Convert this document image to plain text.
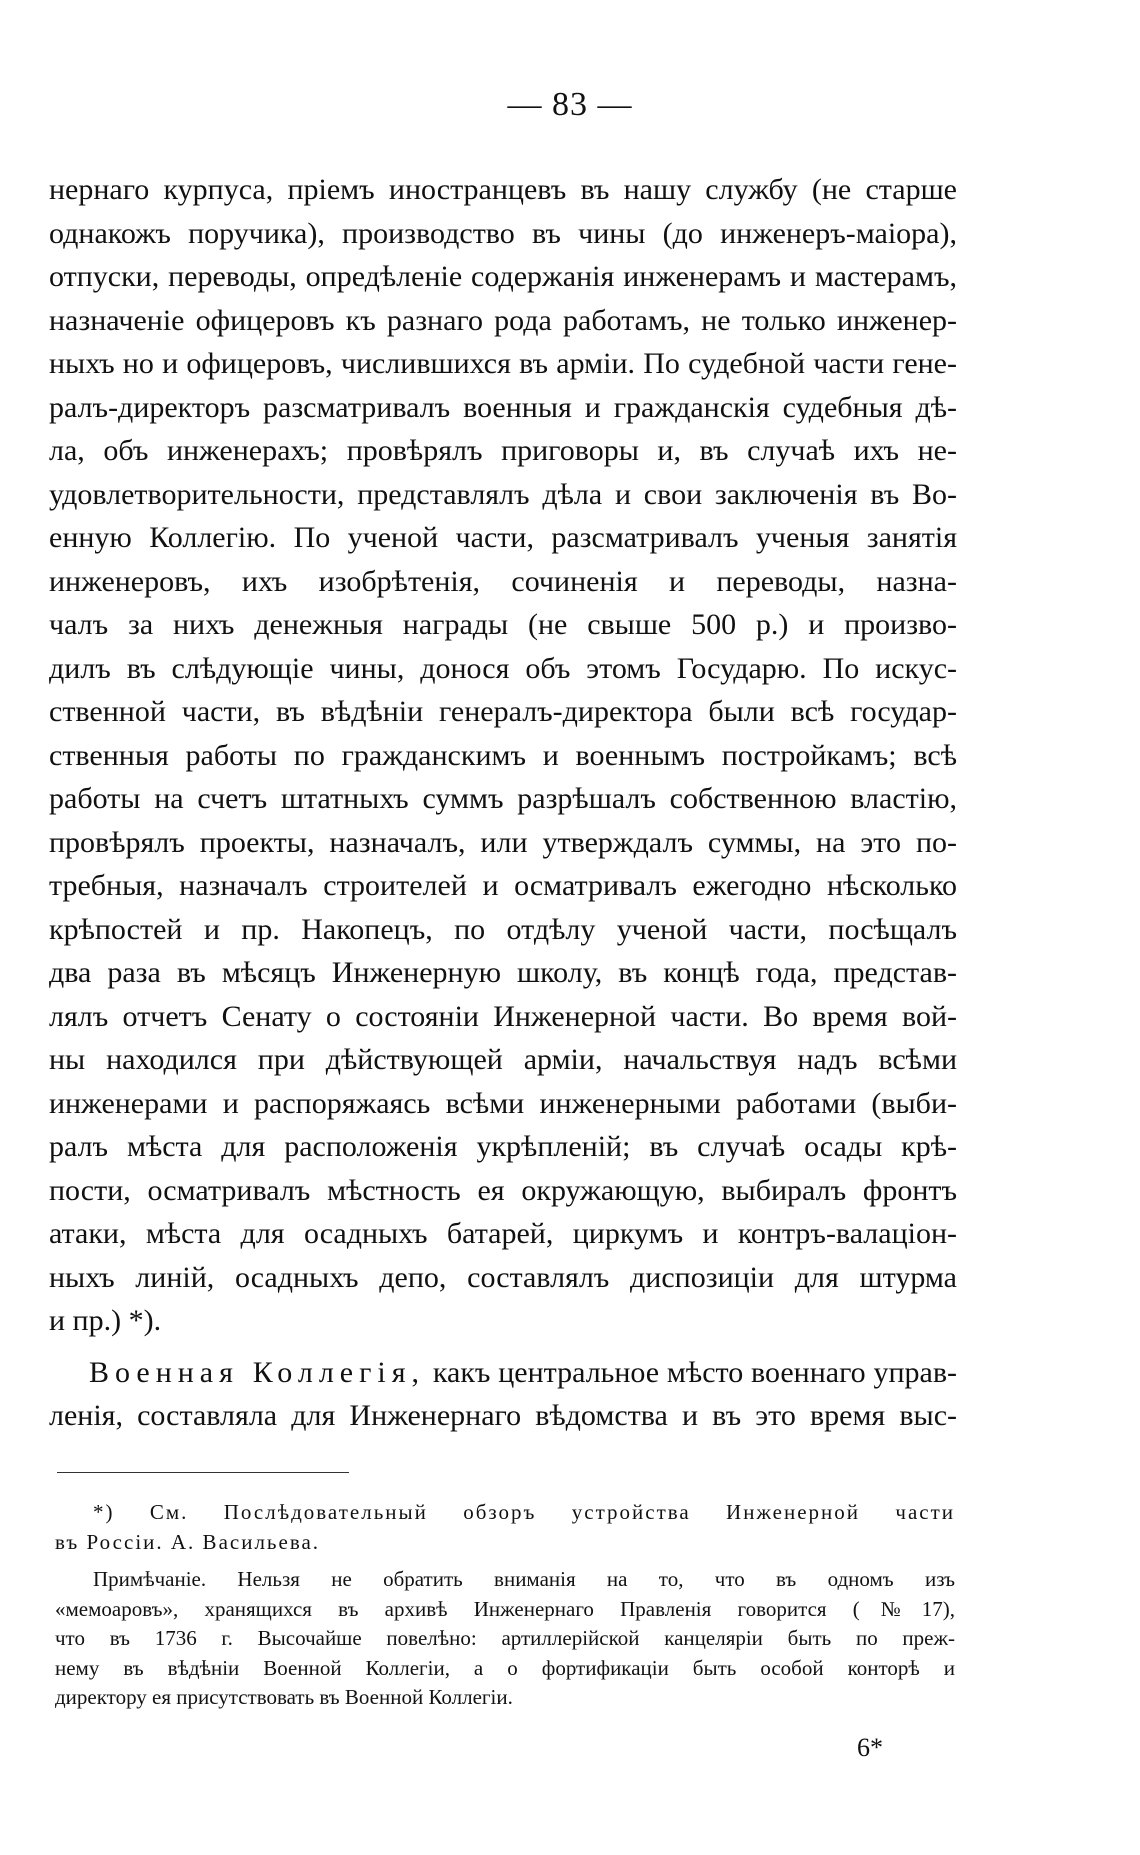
— 83 —
нернаго курпуса, пріемъ иностранцевъ въ нашу службу (не старше
однакожъ поручика), производство въ чины (до инженеръ-маіора),
отпуски, переводы, опредѣленіе содержанія инженерамъ и мастерамъ,
назначеніе офицеровъ къ разнаго рода работамъ, не только инженер-
ныхъ но и офицеровъ, числившихся въ арміи. По судебной части гене-
ралъ-директоръ разсматривалъ военныя и гражданскія судебныя дѣ-
ла, объ инженерахъ; провѣрялъ приговоры и, въ случаѣ ихъ не-
удовлетворительности, представлялъ дѣла и свои заключенія въ Во-
енную Коллегію. По ученой части, разсматривалъ ученыя занятія
инженеровъ, ихъ изобрѣтенія, сочиненія и переводы, назна-
чалъ за нихъ денежныя награды (не свыше 500 р.) и произво-
дилъ въ слѣдующіе чины, донося объ этомъ Государю. По искус-
ственной части, въ вѣдѣніи генералъ-директора были всѣ государ-
ственныя работы по гражданскимъ и военнымъ постройкамъ; всѣ
работы на счетъ штатныхъ суммъ разрѣшалъ собственною властію,
провѣрялъ проекты, назначалъ, или утверждалъ суммы, на это по-
требныя, назначалъ строителей и осматривалъ ежегодно нѣсколько
крѣпостей и пр. Накопецъ, по отдѣлу ученой части, посѣщалъ
два раза въ мѣсяцъ Инженерную школу, въ концѣ года, представ-
лялъ отчетъ Сенату о состояніи Инженерной части. Во время вой-
ны находился при дѣйствующей арміи, начальствуя надъ всѣми
инженерами и распоряжаясь всѣми инженерными работами (выби-
ралъ мѣста для расположенія укрѣпленій; въ случаѣ осады крѣ-
пости, осматривалъ мѣстность ея окружающую, выбиралъ фронтъ
атаки, мѣста для осадныхъ батарей, циркумъ и контръ-валаціон-
ныхъ линій, осадныхъ депо, составлялъ диспозиціи для штурма
и пр.) *).
Военная Коллегія, какъ центральное мѣсто военнаго управ-
ленія, составляла для Инженернаго вѣдомства и въ это время выс-
*) См. Послѣдовательный обзоръ устройства Инженерной части
въ Россіи. А. Васильева.
Примѣчаніе. Нельзя не обратить вниманія на то, что въ одномъ изъ
«мемоаровъ», хранящихся въ архивѣ Инженернаго Правленія говорится (№17),
что въ 1736 г. Высочайше повелѣно: артиллерійской канцеляріи быть по преж-
нему въ вѣдѣніи Военной Коллегіи, а о фортификаціи быть особой конторѣ и
директору ея присутствовать въ Военной Коллегіи.
6*
